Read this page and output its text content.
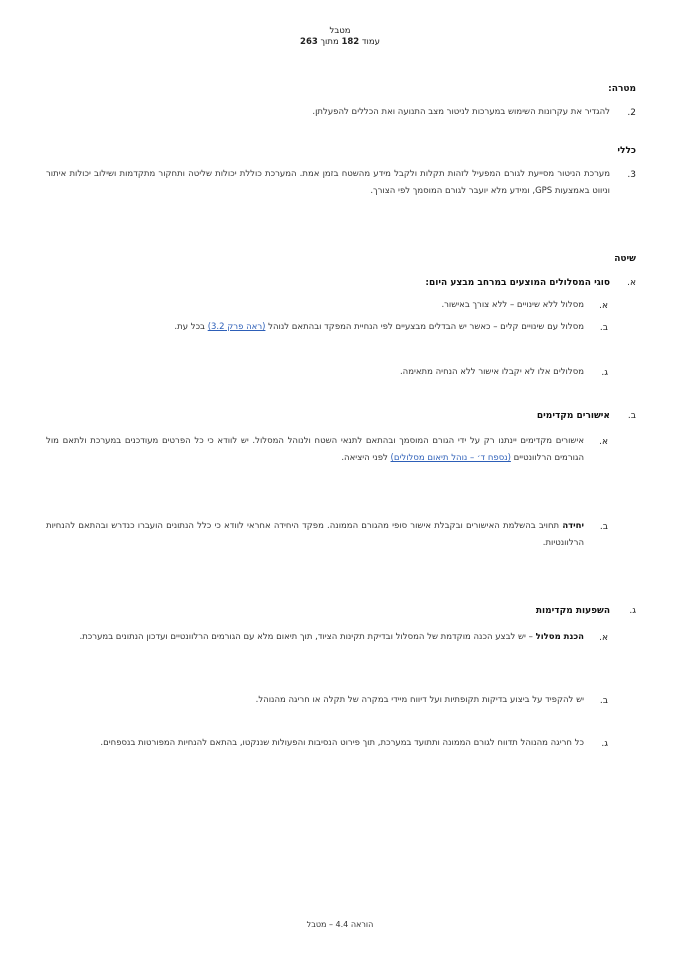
מטבל
עמוד 182 מתוך 263
מטרה:
2.
להגדיר את עקרונות השימוש במערכות לניטור מצב התנועה ואת הכללים להפעלתן.
כללי
3.
מערכת הניטור מסייעת לגורם המפעיל לזהות תקלות ולקבל מידע מהשטח בזמן אמת. המערכת כוללת יכולות שליטה ותחקור מתקדמות ושילוב יכולות איתור וניווט באמצעות GPS, ומידע מלא יועבר לגורם המוסמך לפי הצורך.
שיטה
א.
סוגי המסלולים המוצעים במרחב מבצע היום:
א.
מסלול ללא שינויים – ללא צורך באישור.
ב.
מסלול עם שינויים קלים – כאשר יש הבדלים מבצעיים לפי הנחיית המפקד ובהתאם לנוהל (ראה פרק 3.2) בכל עת.
ג.
מסלולים אלו לא יקבלו אישור ללא הנחיה מתאימה.
ב.
אישורים מקדימים
א.
אישורים מקדימים יינתנו רק על ידי הגורם המוסמך ובהתאם לתנאי השטח ולנוהל המסלול. יש לוודא כי כל הפרטים מעודכנים במערכת ולתאם מול הגורמים הרלוונטיים (נספח ד׳ – נוהל תיאום מסלולים) לפני היציאה.
ב.
יחידה תחויב בהשלמת האישורים ובקבלת אישור סופי מהגורם הממונה. מפקד היחידה אחראי לוודא כי כלל הנתונים הועברו כנדרש ובהתאם להנחיות הרלוונטיות.
ג.
השפעות מקדימות
א.
הכנת מסלול – יש לבצע הכנה מוקדמת של המסלול ובדיקת תקינות הציוד, תוך תיאום מלא עם הגורמים הרלוונטיים ועדכון הנתונים במערכת.
ב.
יש להקפיד על ביצוע בדיקות תקופתיות ועל דיווח מיידי במקרה של תקלה או חריגה מהנוהל.
ג.
כל חריגה מהנוהל תדווח לגורם הממונה ותתועד במערכת, תוך פירוט הנסיבות והפעולות שננקטו, בהתאם להנחיות המפורטות בנספחים.
הוראה 4.4 – מטבל
